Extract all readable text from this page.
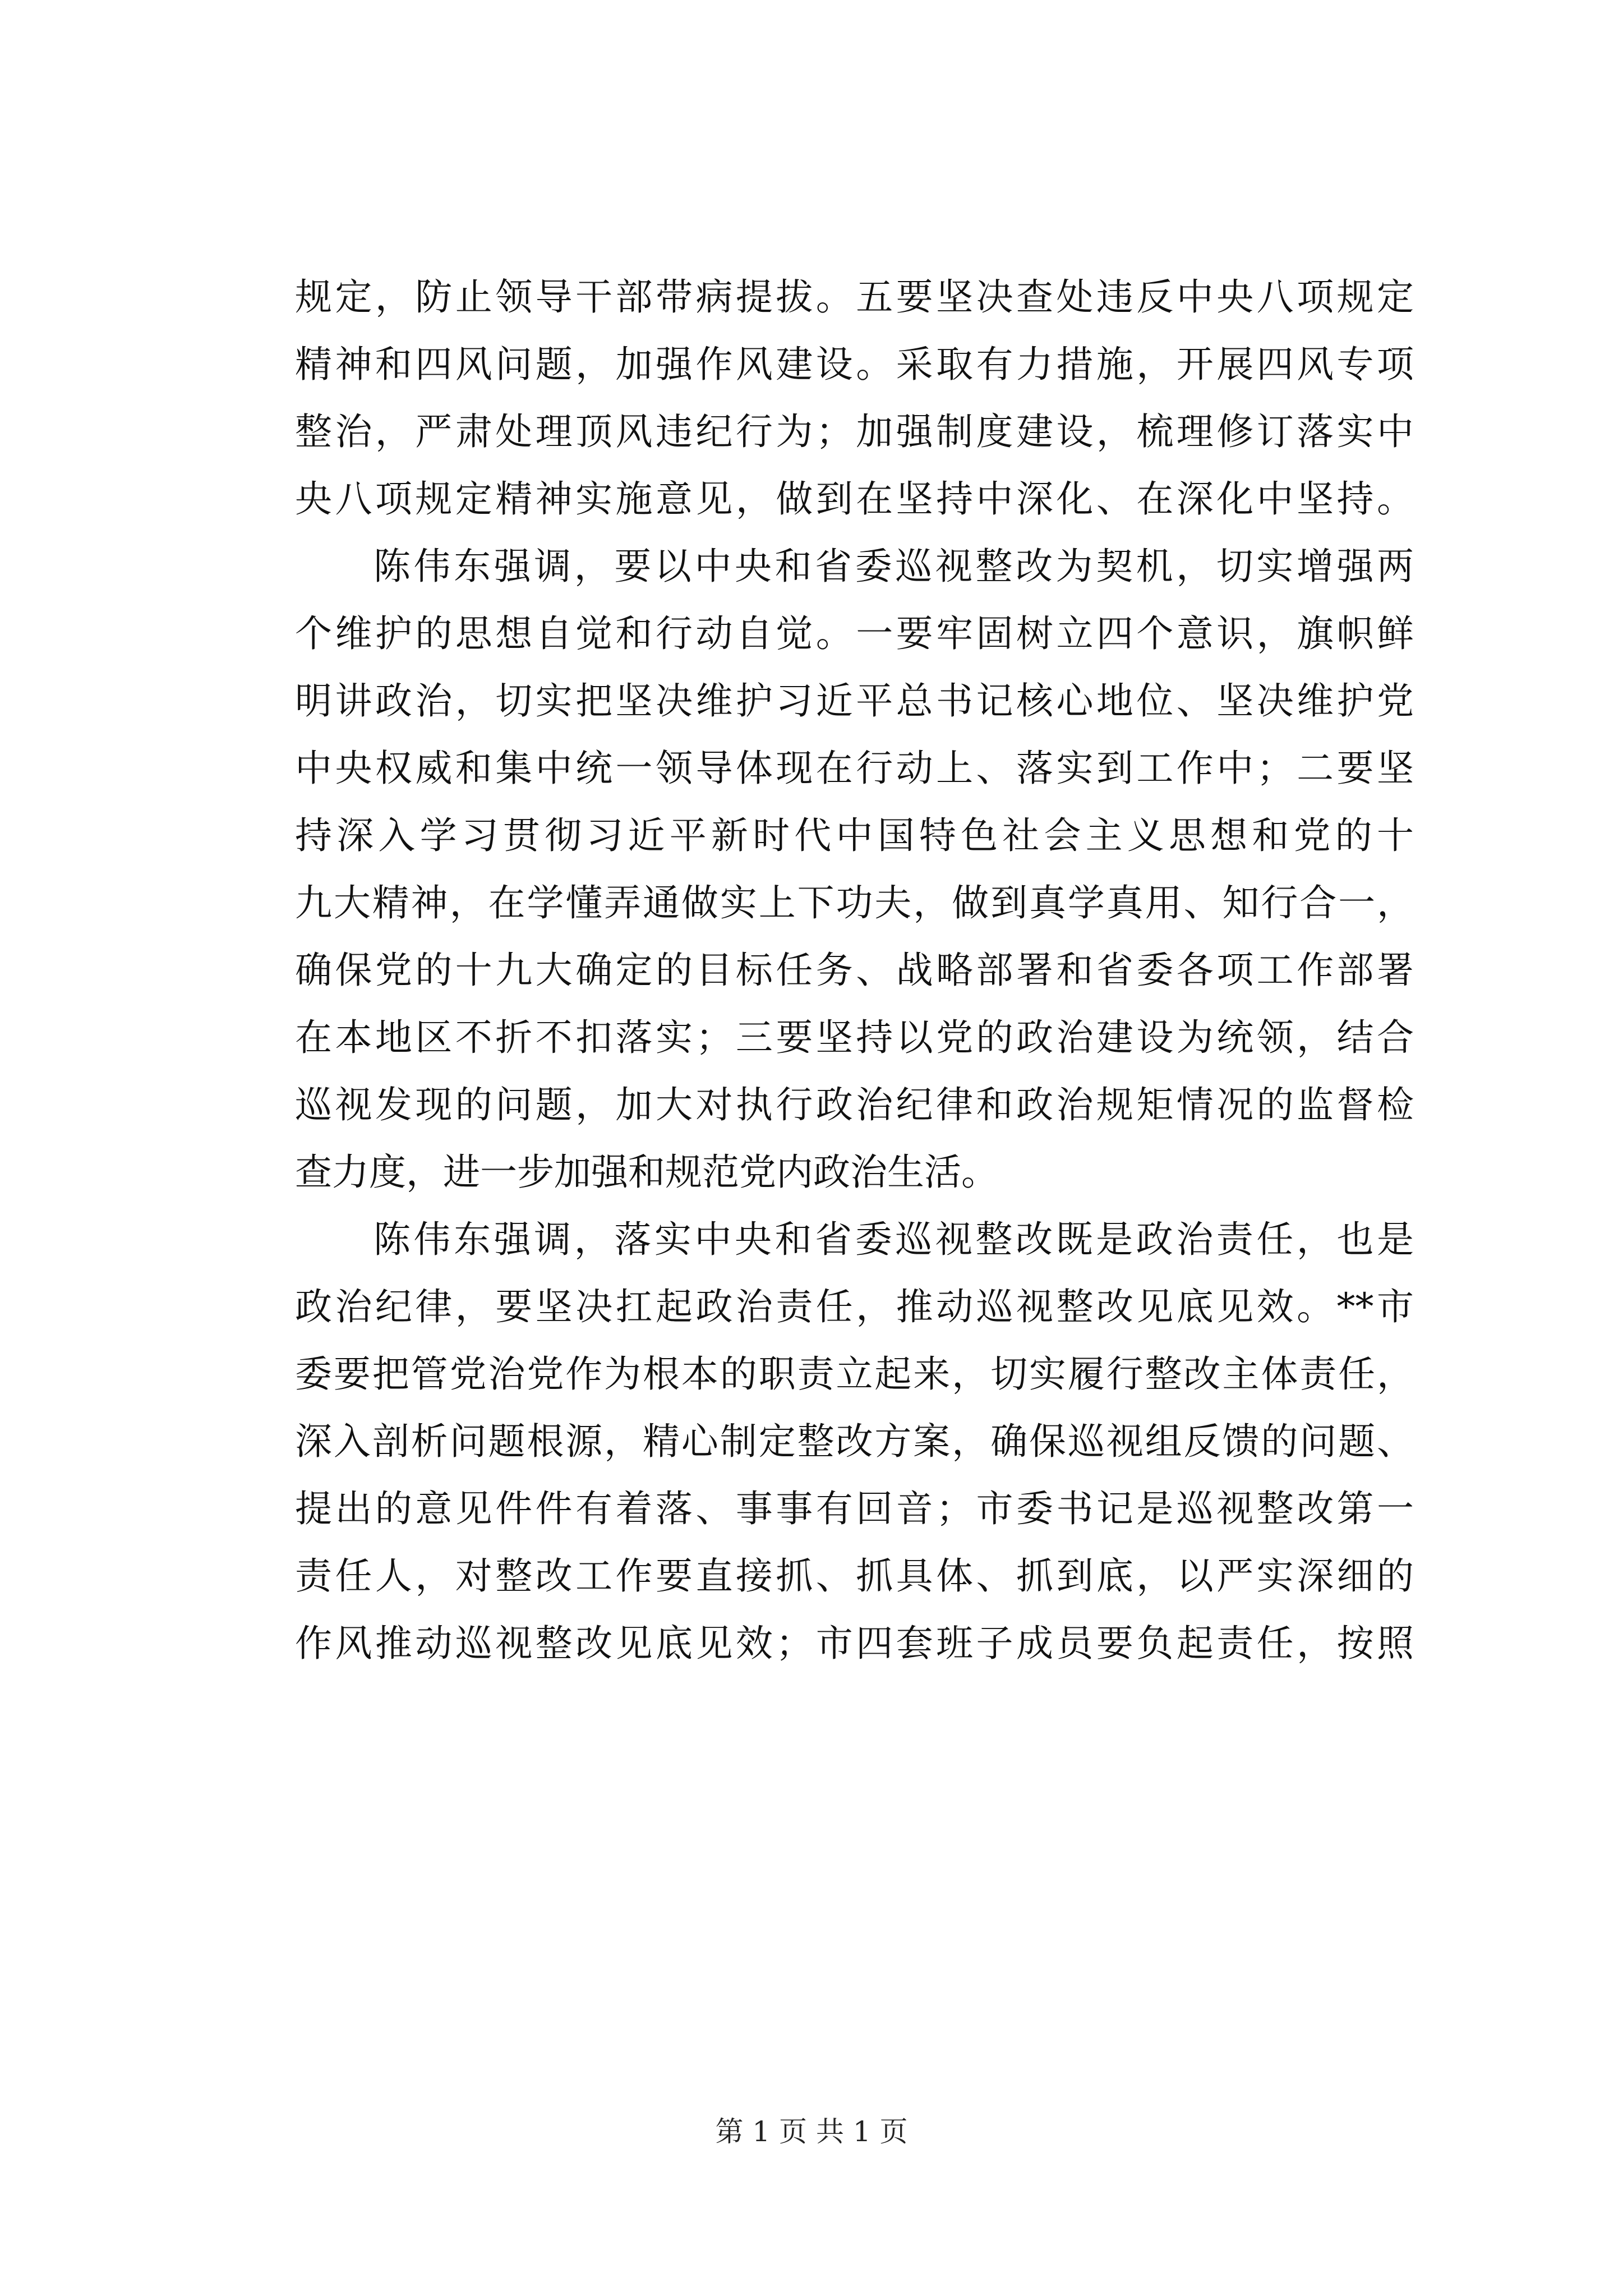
规定，防止领导干部带病提拔。五要坚决查处违反中央八项规定
精神和四风问题，加强作风建设。采取有力措施，开展四风专项
整治，严肃处理顶风违纪行为；加强制度建设，梳理修订落实中
央八项规定精神实施意见，做到在坚持中深化、在深化中坚持。
陈伟东强调，要以中央和省委巡视整改为契机，切实增强两
个维护的思想自觉和行动自觉。一要牢固树立四个意识，旗帜鲜
明讲政治，切实把坚决维护习近平总书记核心地位、坚决维护党
中央权威和集中统一领导体现在行动上、落实到工作中；二要坚
持深入学习贯彻习近平新时代中国特色社会主义思想和党的十
九大精神，在学懂弄通做实上下功夫，做到真学真用、知行合一，
确保党的十九大确定的目标任务、战略部署和省委各项工作部署
在本地区不折不扣落实；三要坚持以党的政治建设为统领，结合
巡视发现的问题，加大对执行政治纪律和政治规矩情况的监督检
查力度，进一步加强和规范党内政治生活。
陈伟东强调，落实中央和省委巡视整改既是政治责任，也是
政治纪律，要坚决扛起政治责任，推动巡视整改见底见效。**市
委要把管党治党作为根本的职责立起来，切实履行整改主体责任，
深入剖析问题根源，精心制定整改方案，确保巡视组反馈的问题、
提出的意见件件有着落、事事有回音；市委书记是巡视整改第一
责任人，对整改工作要直接抓、抓具体、抓到底，以严实深细的
作风推动巡视整改见底见效；市四套班子成员要负起责任，按照
第 1 页 共 1 页
